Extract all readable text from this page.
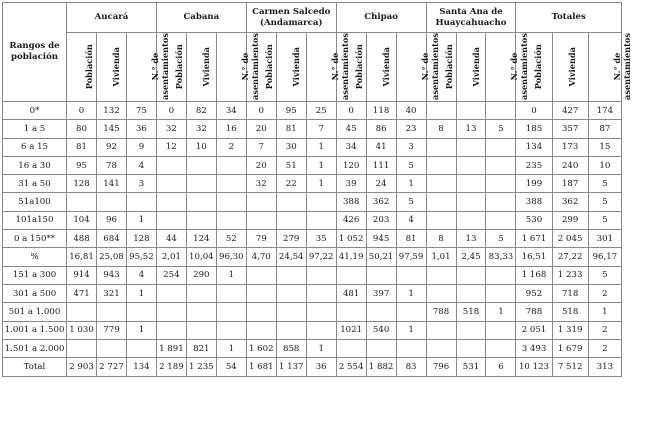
Rangos de población	Aucará			Cabana			Carmen Salcedo (Andamarca)			Chipao			Santa Ana de Huaycahuacho			Totales		
	Población	Vivienda	N.° de
asentamientos	Población	Vivienda	N.° de
asentamientos	Población	Vivienda	N.° de
asentamientos	Población	Vivienda	N.° de
asentamientos	Población	Vivienda	N.° de
asentamientos	Población	Vivienda	N.° de
asentamientos
0*	0	132	75	0	82	34	0	95	25	0	118	40				0	427	174
1 a 5	80	145	36	32	32	16	20	81	7	45	86	23	8	13	5	185	357	87
6 a 15	81	92	9	12	10	2	7	30	1	34	41	3				134	173	15
16 a 30	95	78	4				20	51	1	120	111	5				235	240	10
31 a 50	128	141	3				32	22	1	39	24	1				199	187	5
51a100										388	362	5				388	362	5
101a150	104	96	1							426	203	4				530	299	5
0 a 150**	488	684	128	44	124	52	79	279	35	1 052	945	81	8	13	5	1 671	2 045	301
%	16,81	25,08	95,52	2,01	10,04	96,30	4,70	24,54	97,22	41,19	50,21	97,59	1,01	2,45	83,33	16,51	27,22	96,17
151 a 300	914	943	4	254	290	1										1 168	1 233	5
301 a 500	471	321	1							481	397	1				952	718	2
501 a 1.000													788	518	1	788	518	1
1.001 a 1.500	1 030	779	1							1021	540	1				2 051	1 319	2
1.501 a 2.000				1 891	821	1	1 602	858	1							3 493	1 679	2
Total	2 903	2 727	134	2 189	1 235	54	1 681	1 137	36	2 554	1 882	83	796	531	6	10 123	7 512	313
